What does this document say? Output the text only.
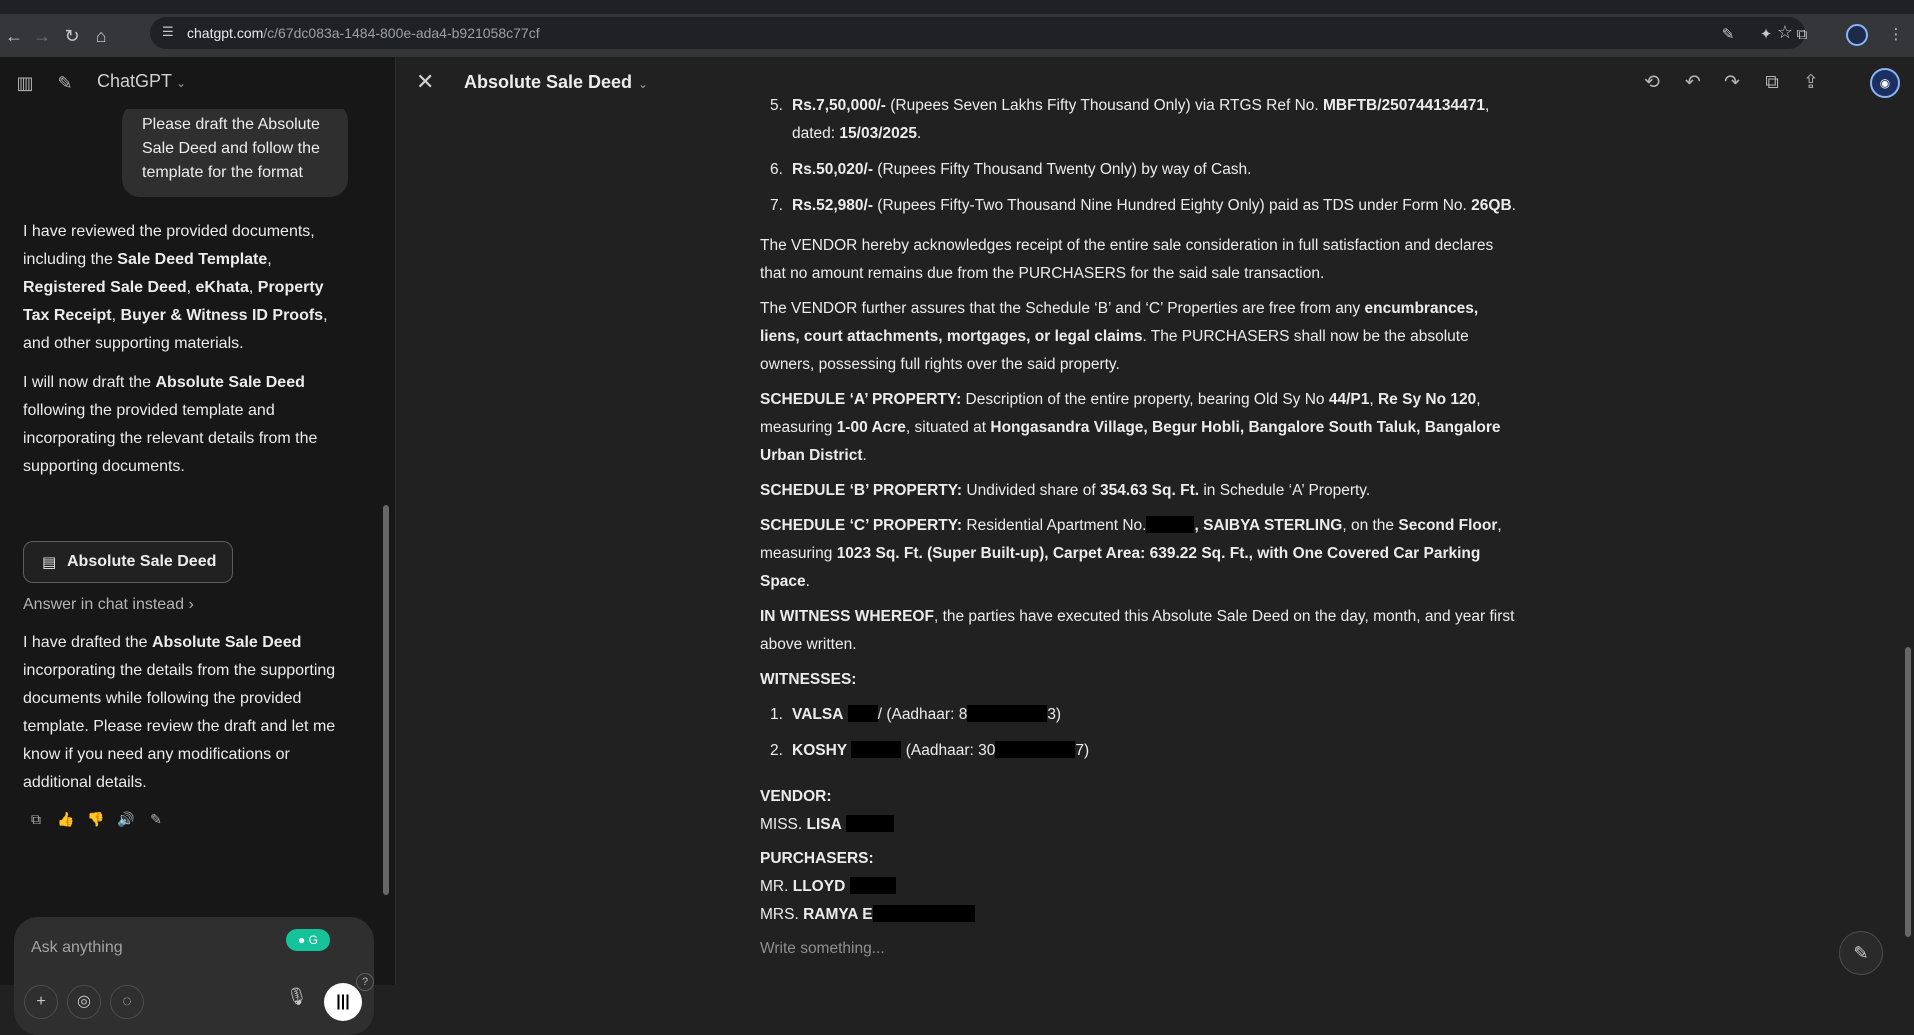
← → ↻ ⌂	☰ chatgpt.com/c/67dc083a-1484-800e-ada4-b921058c77cf	☆
✎	✦	⧉	⋮
▥ ✎ ChatGPT ⌄
Please draft the Absolute Sale Deed and follow the template for the format
I have reviewed the provided documents, including the Sale Deed Template, Registered Sale Deed, eKhata, Property Tax Receipt, Buyer & Witness ID Proofs, and other supporting materials.
I will now draft the Absolute Sale Deed following the provided template and incorporating the relevant details from the supporting documents.
▤ Absolute Sale Deed
Answer in chat instead ›
I have drafted the Absolute Sale Deed incorporating the details from the supporting documents while following the provided template. Please review the draft and let me know if you need any modifications or additional details.
⧉ 👍 👎 🔊 ✎
Ask anything	● G
+	◎	◌	🎙	|||
?
✕ Absolute Sale Deed ⌄	⟲ ↶ ↷	⧉	⇪	◉
5. Rs.7,50,000/- (Rupees Seven Lakhs Fifty Thousand Only) via RTGS Ref No. MBFTB/250744134471, dated: 15/03/2025.
6. Rs.50,020/- (Rupees Fifty Thousand Twenty Only) by way of Cash.
7. Rs.52,980/- (Rupees Fifty-Two Thousand Nine Hundred Eighty Only) paid as TDS under Form No. 26QB.

The VENDOR hereby acknowledges receipt of the entire sale consideration in full satisfaction and declares that no amount remains due from the PURCHASERS for the said sale transaction.

The VENDOR further assures that the Schedule ‘B’ and ‘C’ Properties are free from any encumbrances, liens, court attachments, mortgages, or legal claims. The PURCHASERS shall now be the absolute owners, possessing full rights over the said property.

SCHEDULE ‘A’ PROPERTY: Description of the entire property, bearing Old Sy No 44/P1, Re Sy No 120, measuring 1-00 Acre, situated at Hongasandra Village, Begur Hobli, Bangalore South Taluk, Bangalore Urban District.

SCHEDULE ‘B’ PROPERTY: Undivided share of 354.63 Sq. Ft. in Schedule ‘A’ Property.

SCHEDULE ‘C’ PROPERTY: Residential Apartment No.	, SAIBYA STERLING, on the Second Floor, measuring 1023 Sq. Ft. (Super Built-up), Carpet Area: 639.22 Sq. Ft., with One Covered Car Parking Space.

IN WITNESS WHEREOF, the parties have executed this Absolute Sale Deed on the day, month, and year first above written.

WITNESSES:

1. VALSA / (Aadhaar: 8	3)
2. KOSHY	(Aadhaar: 30	7)
VENDOR:
MISS. LISA
PURCHASERS:
MR. LLOYD
MRS. RAMYA E
Write something...	✎
